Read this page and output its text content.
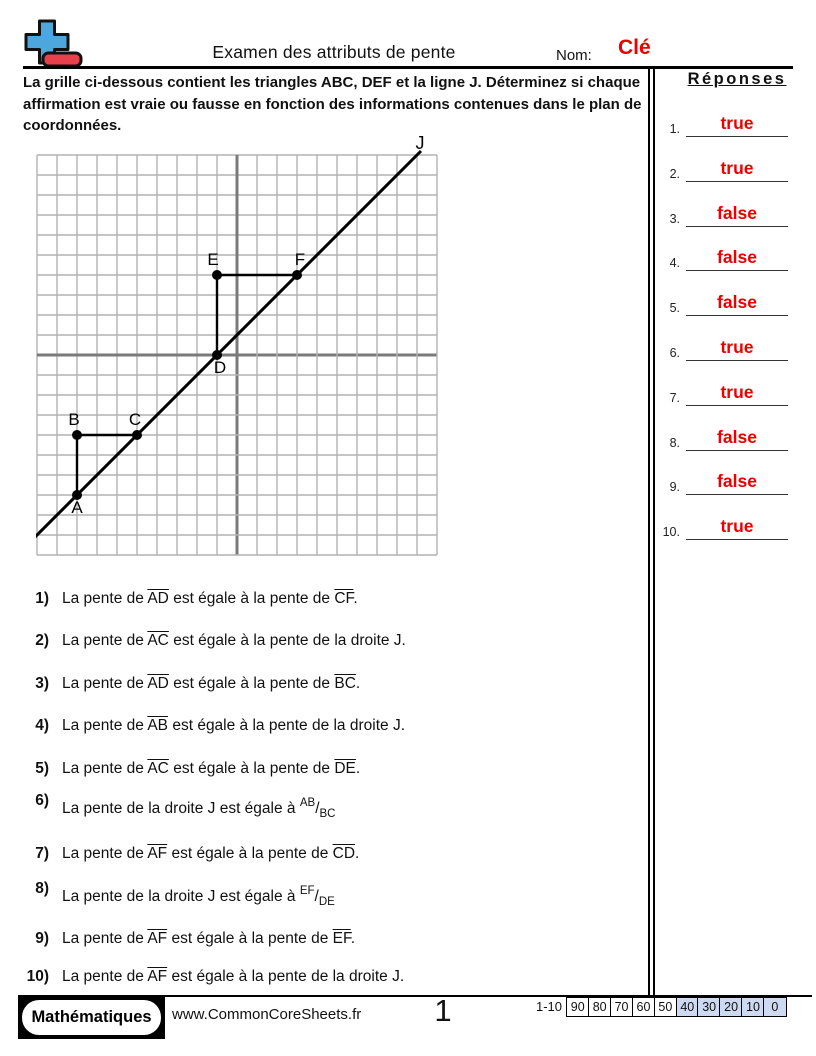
Examen des attributs de pente	Nom: Clé

La grille ci-dessous contient les triangles ABC, DEF et la ligne J. Déterminez si chaque affirmation est vraie ou fausse en fonction des informations contenues dans le plan de coordonnées.

J
A
B	C
D
E	F
1) La pente de $\overline{AD}$ est égale à la pente de $\overline{CF}$.
2) La pente de $\overline{AC}$ est égale à la pente de la droite J.
3) La pente de $\overline{AD}$ est égale à la pente de $\overline{BC}$.
4) La pente de $\overline{AB}$ est égale à la pente de la droite J.
5) La pente de $\overline{AC}$ est égale à la pente de $\overline{DE}$.
6) La pente de la droite J est égale à $^{AB}/_{BC}$
7) La pente de $\overline{AF}$ est égale à la pente de $\overline{CD}$.
8) La pente de la droite J est égale à $^{EF}/_{DE}$
9) La pente de $\overline{AF}$ est égale à la pente de $\overline{EF}$.
10) La pente de $\overline{AF}$ est égale à la pente de la droite J.
Réponses
1.	true
2.	true
3.	false
4.	false
5.	false
6.	true
7.	true
8.	false
9.	false
10.	true
Mathématiques	www.CommonCoreSheets.fr	1	1-10 90 80 70 60 50 40 30 20 10 0
